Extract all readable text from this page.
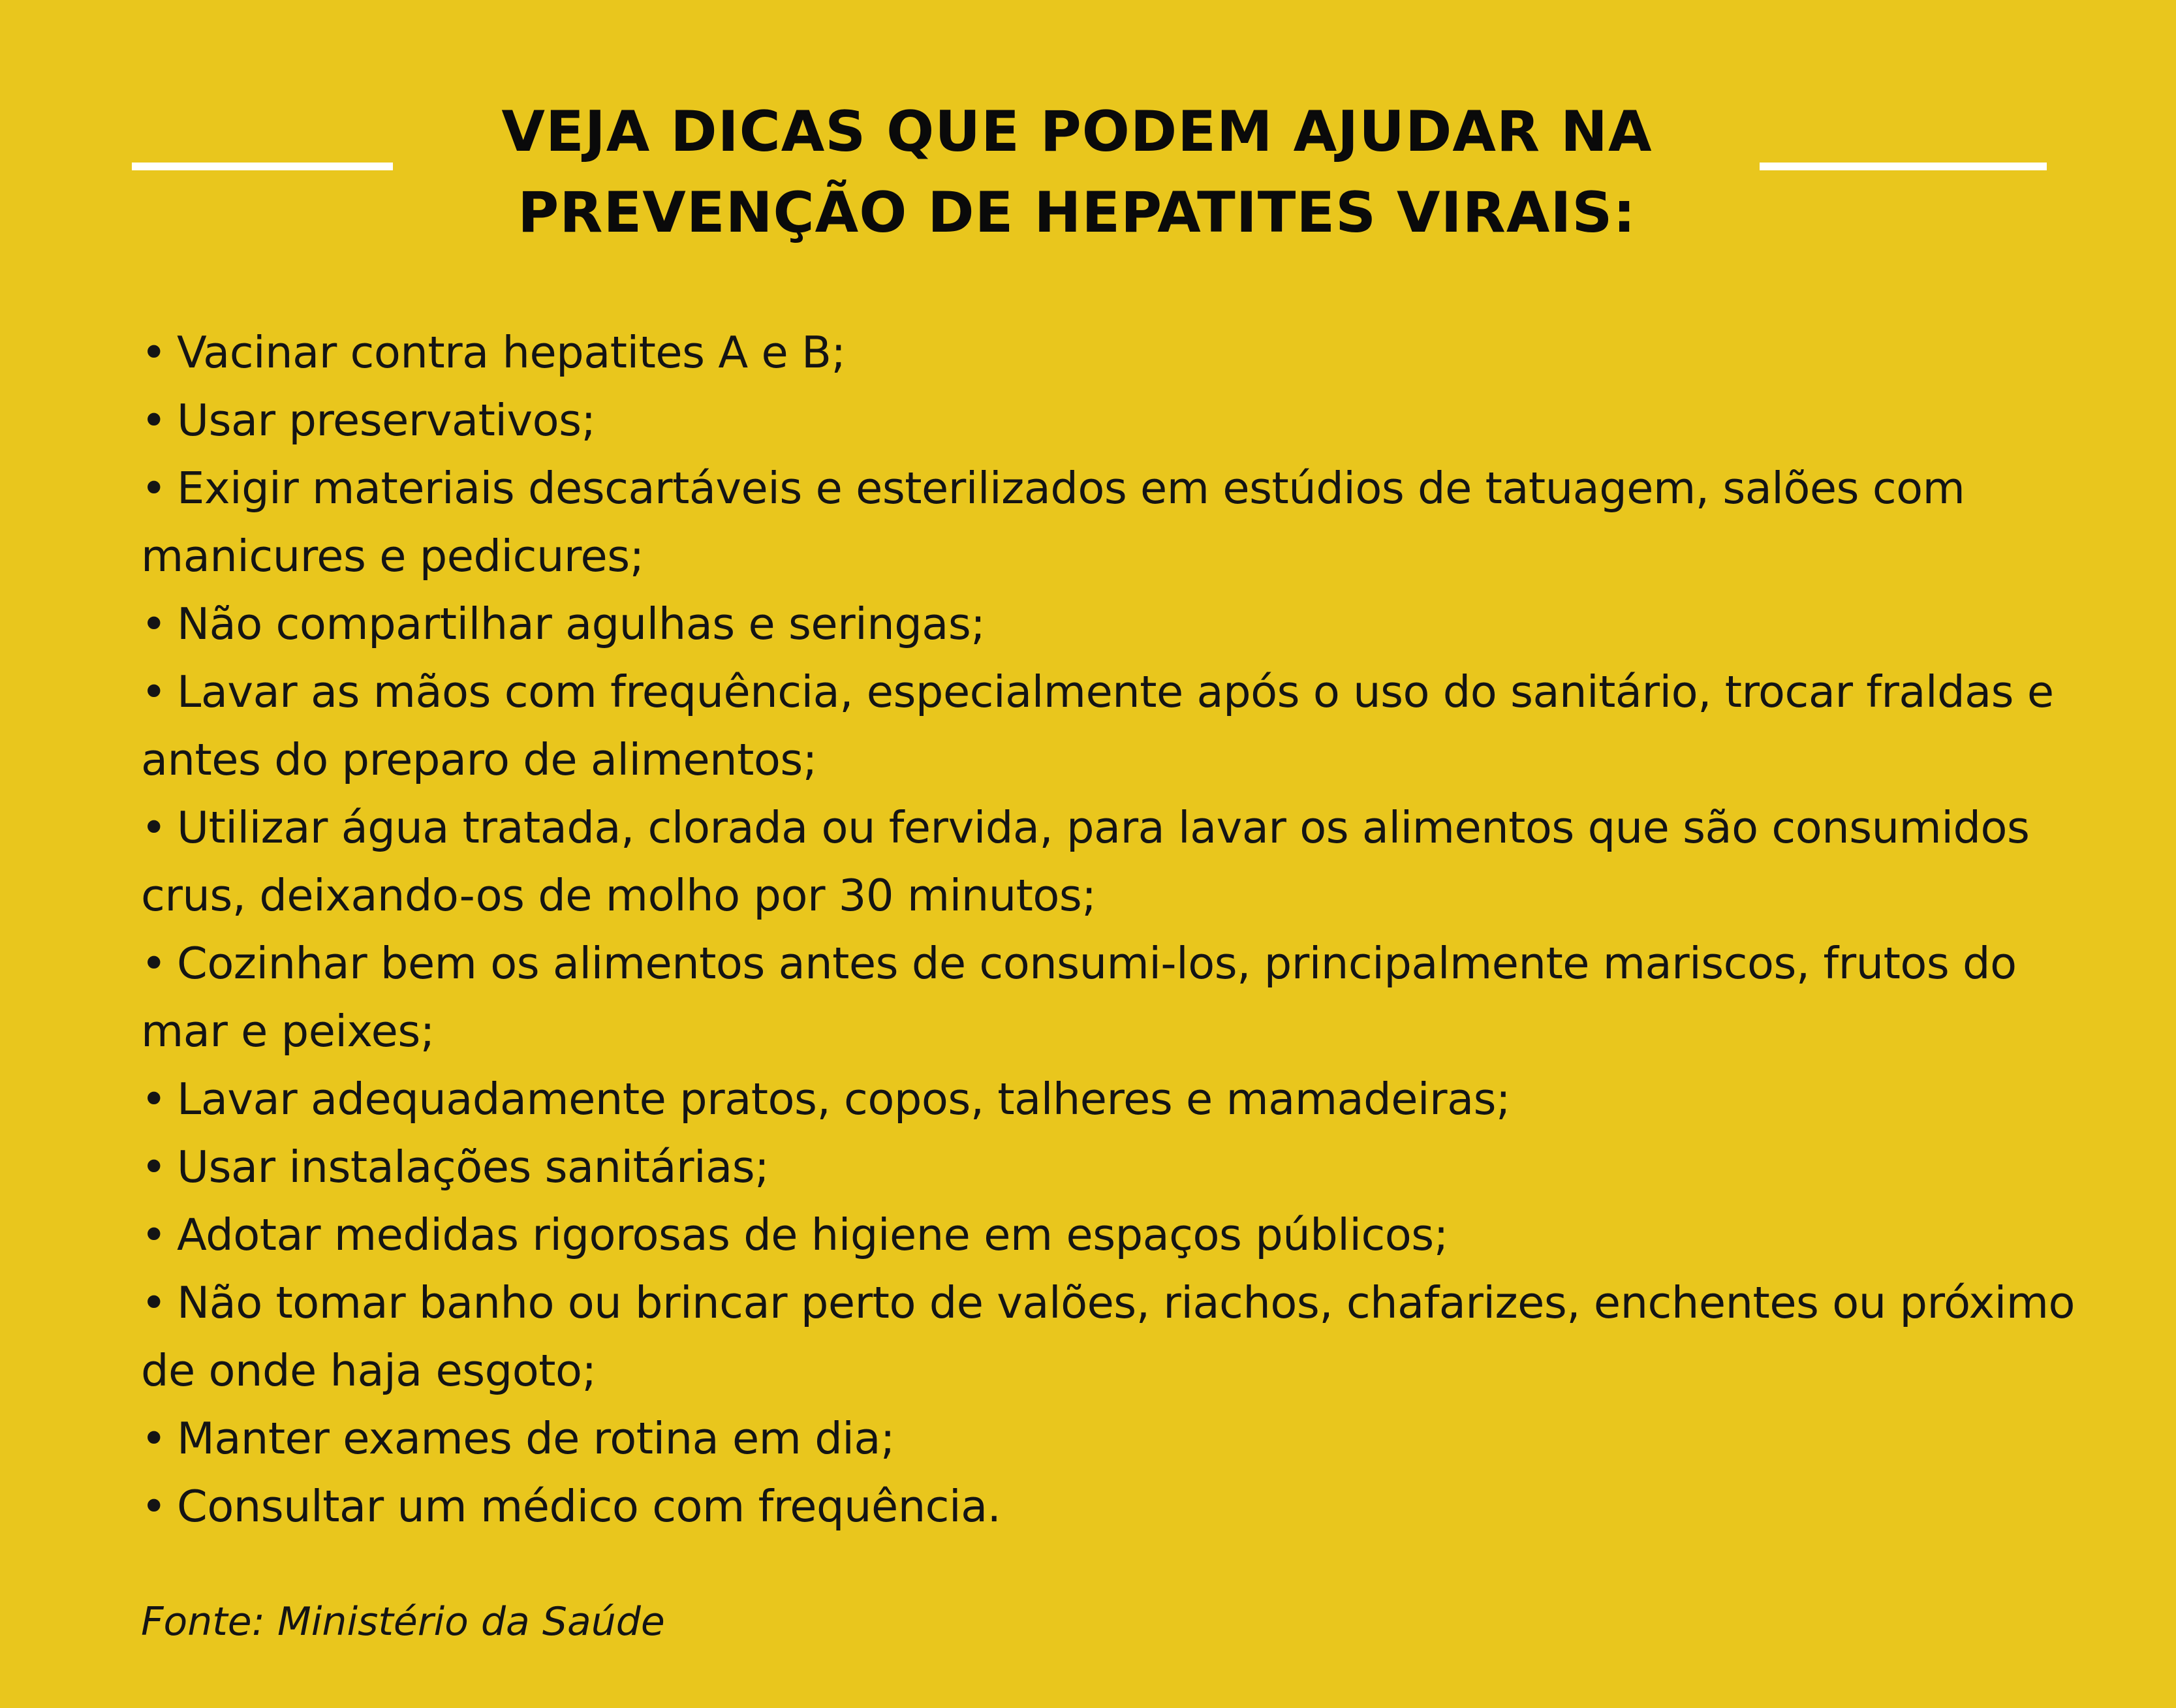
VEJA DICAS QUE PODEM AJUDAR NA
PREVENÇÃO DE HEPATITES VIRAIS:
• Vacinar contra hepatites A e B;
• Usar preservativos;
• Exigir materiais descartáveis e esterilizados em estúdios de tatuagem, salões com manicures e pedicures;
• Não compartilhar agulhas e seringas;
• Lavar as mãos com frequência, especialmente após o uso do sanitário, trocar fraldas e antes do preparo de alimentos;
• Utilizar água tratada, clorada ou fervida, para lavar os alimentos que são consumidos crus, deixando-os de molho por 30 minutos;
• Cozinhar bem os alimentos antes de consumi-los, principalmente mariscos, frutos do mar e peixes;
• Lavar adequadamente pratos, copos, talheres e mamadeiras;
• Usar instalações sanitárias;
• Adotar medidas rigorosas de higiene em espaços públicos;
• Não tomar banho ou brincar perto de valões, riachos, chafarizes, enchentes ou próximo de onde haja esgoto;
• Manter exames de rotina em dia;
• Consultar um médico com frequência.

Fonte: Ministério da Saúde
